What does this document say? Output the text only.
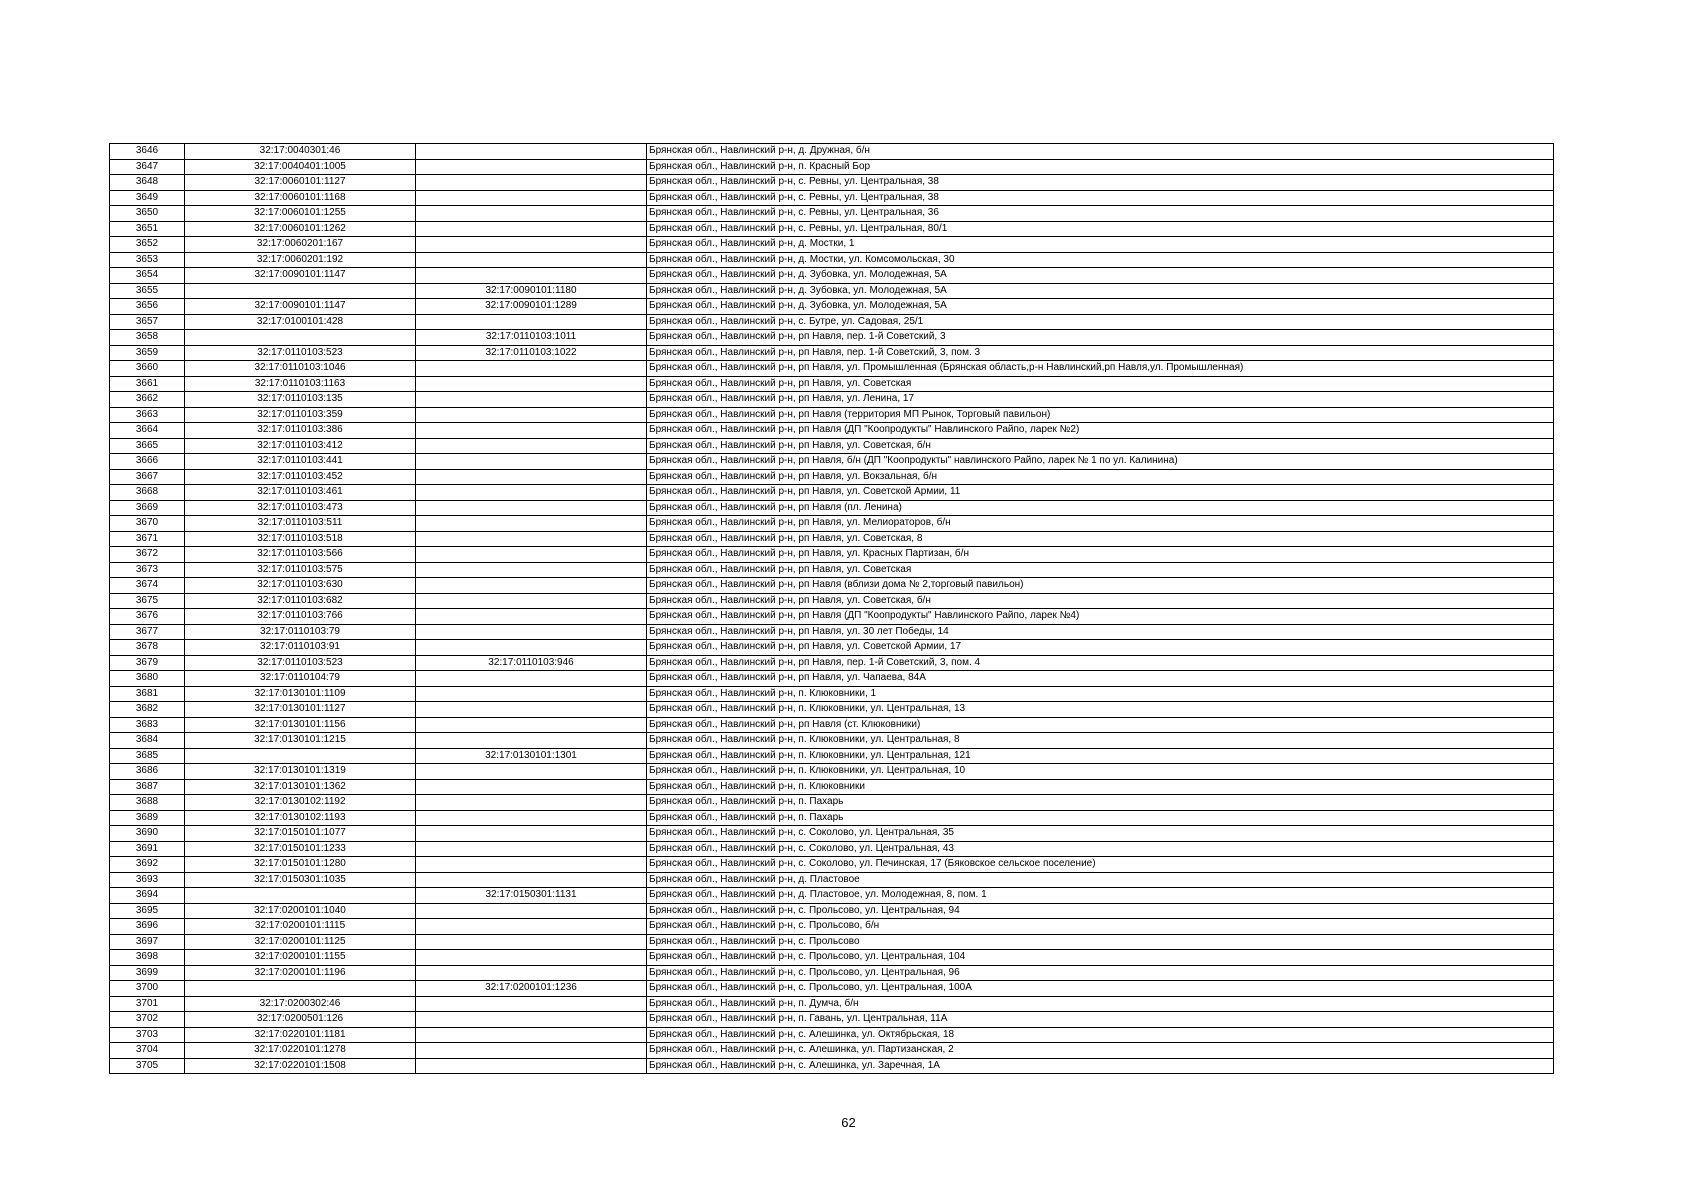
3646	32:17:0040301:46		Брянская обл., Навлинский р-н, д. Дружная, б/н
3647	32:17:0040401:1005		Брянская обл., Навлинский р-н, п. Красный Бор
3648	32:17:0060101:1127		Брянская обл., Навлинский р-н, с. Ревны, ул. Центральная, 38
3649	32:17:0060101:1168		Брянская обл., Навлинский р-н, с. Ревны, ул. Центральная, 38
3650	32:17:0060101:1255		Брянская обл., Навлинский р-н, с. Ревны, ул. Центральная, 36
3651	32:17:0060101:1262		Брянская обл., Навлинский р-н, с. Ревны, ул. Центральная, 80/1
3652	32:17:0060201:167		Брянская обл., Навлинский р-н, д. Мостки, 1
3653	32:17:0060201:192		Брянская обл., Навлинский р-н, д. Мостки, ул. Комсомольская, 30
3654	32:17:0090101:1147		Брянская обл., Навлинский р-н, д. Зубовка, ул. Молодежная, 5А
3655		32:17:0090101:1180	Брянская обл., Навлинский р-н, д. Зубовка, ул. Молодежная, 5А
3656	32:17:0090101:1147	32:17:0090101:1289	Брянская обл., Навлинский р-н, д. Зубовка, ул. Молодежная, 5А
3657	32:17:0100101:428		Брянская обл., Навлинский р-н, с. Бутре, ул. Садовая, 25/1
3658		32:17:0110103:1011	Брянская обл., Навлинский р-н, рп Навля, пер. 1-й Советский, 3
3659	32:17:0110103:523	32:17:0110103:1022	Брянская обл., Навлинский р-н, рп Навля, пер. 1-й Советский, 3, пом. 3
3660	32:17:0110103:1046		Брянская обл., Навлинский р-н, рп Навля, ул. Промышленная (Брянская область,р-н Навлинский,рп Навля,ул. Промышленная)
3661	32:17:0110103:1163		Брянская обл., Навлинский р-н, рп Навля, ул. Советская
3662	32:17:0110103:135		Брянская обл., Навлинский р-н, рп Навля, ул. Ленина, 17
3663	32:17:0110103:359		Брянская обл., Навлинский р-н, рп Навля (территория МП Рынок, Торговый павильон)
3664	32:17:0110103:386		Брянская обл., Навлинский р-н, рп Навля (ДП "Коопродукты" Навлинского Райпо, ларек №2)
3665	32:17:0110103:412		Брянская обл., Навлинский р-н, рп Навля, ул. Советская, б/н
3666	32:17:0110103:441		Брянская обл., Навлинский р-н, рп Навля, б/н (ДП "Коопродукты" навлинского Райпо, ларек № 1 по ул. Калинина)
3667	32:17:0110103:452		Брянская обл., Навлинский р-н, рп Навля, ул. Вокзальная, б/н
3668	32:17:0110103:461		Брянская обл., Навлинский р-н, рп Навля, ул. Советской Армии, 11
3669	32:17:0110103:473		Брянская обл., Навлинский р-н, рп Навля (пл. Ленина)
3670	32:17:0110103:511		Брянская обл., Навлинский р-н, рп Навля, ул. Мелиораторов, б/н
3671	32:17:0110103:518		Брянская обл., Навлинский р-н, рп Навля, ул. Советская, 8
3672	32:17:0110103:566		Брянская обл., Навлинский р-н, рп Навля, ул. Красных Партизан, б/н
3673	32:17:0110103:575		Брянская обл., Навлинский р-н, рп Навля, ул. Советская
3674	32:17:0110103:630		Брянская обл., Навлинский р-н, рп Навля (вблизи дома № 2,торговый павильон)
3675	32:17:0110103:682		Брянская обл., Навлинский р-н, рп Навля, ул. Советская, б/н
3676	32:17:0110103:766		Брянская обл., Навлинский р-н, рп Навля (ДП "Коопродукты" Навлинского Райпо, ларек №4)
3677	32:17:0110103:79		Брянская обл., Навлинский р-н, рп Навля, ул. 30 лет Победы, 14
3678	32:17:0110103:91		Брянская обл., Навлинский р-н, рп Навля, ул. Советской Армии, 17
3679	32:17:0110103:523	32:17:0110103:946	Брянская обл., Навлинский р-н, рп Навля, пер. 1-й Советский, 3, пом. 4
3680	32:17:0110104:79		Брянская обл., Навлинский р-н, рп Навля, ул. Чапаева, 84А
3681	32:17:0130101:1109		Брянская обл., Навлинский р-н, п. Клюковники, 1
3682	32:17:0130101:1127		Брянская обл., Навлинский р-н, п. Клюковники, ул. Центральная, 13
3683	32:17:0130101:1156		Брянская обл., Навлинский р-н, рп Навля (ст. Клюковники)
3684	32:17:0130101:1215		Брянская обл., Навлинский р-н, п. Клюковники, ул. Центральная, 8
3685		32:17:0130101:1301	Брянская обл., Навлинский р-н, п. Клюковники, ул. Центральная, 121
3686	32:17:0130101:1319		Брянская обл., Навлинский р-н, п. Клюковники, ул. Центральная, 10
3687	32:17:0130101:1362		Брянская обл., Навлинский р-н, п. Клюковники
3688	32:17:0130102:1192		Брянская обл., Навлинский р-н, п. Пахарь
3689	32:17:0130102:1193		Брянская обл., Навлинский р-н, п. Пахарь
3690	32:17:0150101:1077		Брянская обл., Навлинский р-н, с. Соколово, ул. Центральная, 35
3691	32:17:0150101:1233		Брянская обл., Навлинский р-н, с. Соколово, ул. Центральная, 43
3692	32:17:0150101:1280		Брянская обл., Навлинский р-н, с. Соколово, ул. Печинская, 17 (Бяковское сельское поселение)
3693	32:17:0150301:1035		Брянская обл., Навлинский р-н, д. Пластовое
3694		32:17:0150301:1131	Брянская обл., Навлинский р-н, д. Пластовое, ул. Молодежная, 8, пом. 1
3695	32:17:0200101:1040		Брянская обл., Навлинский р-н, с. Прольсово, ул. Центральная, 94
3696	32:17:0200101:1115		Брянская обл., Навлинский р-н, с. Прольсово, б/н
3697	32:17:0200101:1125		Брянская обл., Навлинский р-н, с. Прольсово
3698	32:17:0200101:1155		Брянская обл., Навлинский р-н, с. Прольсово, ул. Центральная, 104
3699	32:17:0200101:1196		Брянская обл., Навлинский р-н, с. Прольсово, ул. Центральная, 96
3700		32:17:0200101:1236	Брянская обл., Навлинский р-н, с. Прольсово, ул. Центральная, 100А
3701	32:17:0200302:46		Брянская обл., Навлинский р-н, п. Думча, б/н
3702	32:17:0200501:126		Брянская обл., Навлинский р-н, п. Гавань, ул. Центральная, 11А
3703	32:17:0220101:1181		Брянская обл., Навлинский р-н, с. Алешинка, ул. Октябрьская, 18
3704	32:17:0220101:1278		Брянская обл., Навлинский р-н, с. Алешинка, ул. Партизанская, 2
3705	32:17:0220101:1508		Брянская обл., Навлинский р-н, с. Алешинка, ул. Заречная, 1А
62
